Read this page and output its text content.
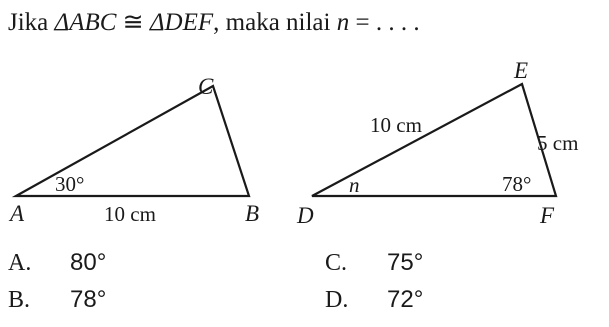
Jika ΔABC ≅ ΔDEF, maka nilai n = . . . .
A	B
C
30°
10 cm	D
E
F
n	78°
10 cm
5 cm
A. 80°
B. 78°
C. 75°
D. 72°
